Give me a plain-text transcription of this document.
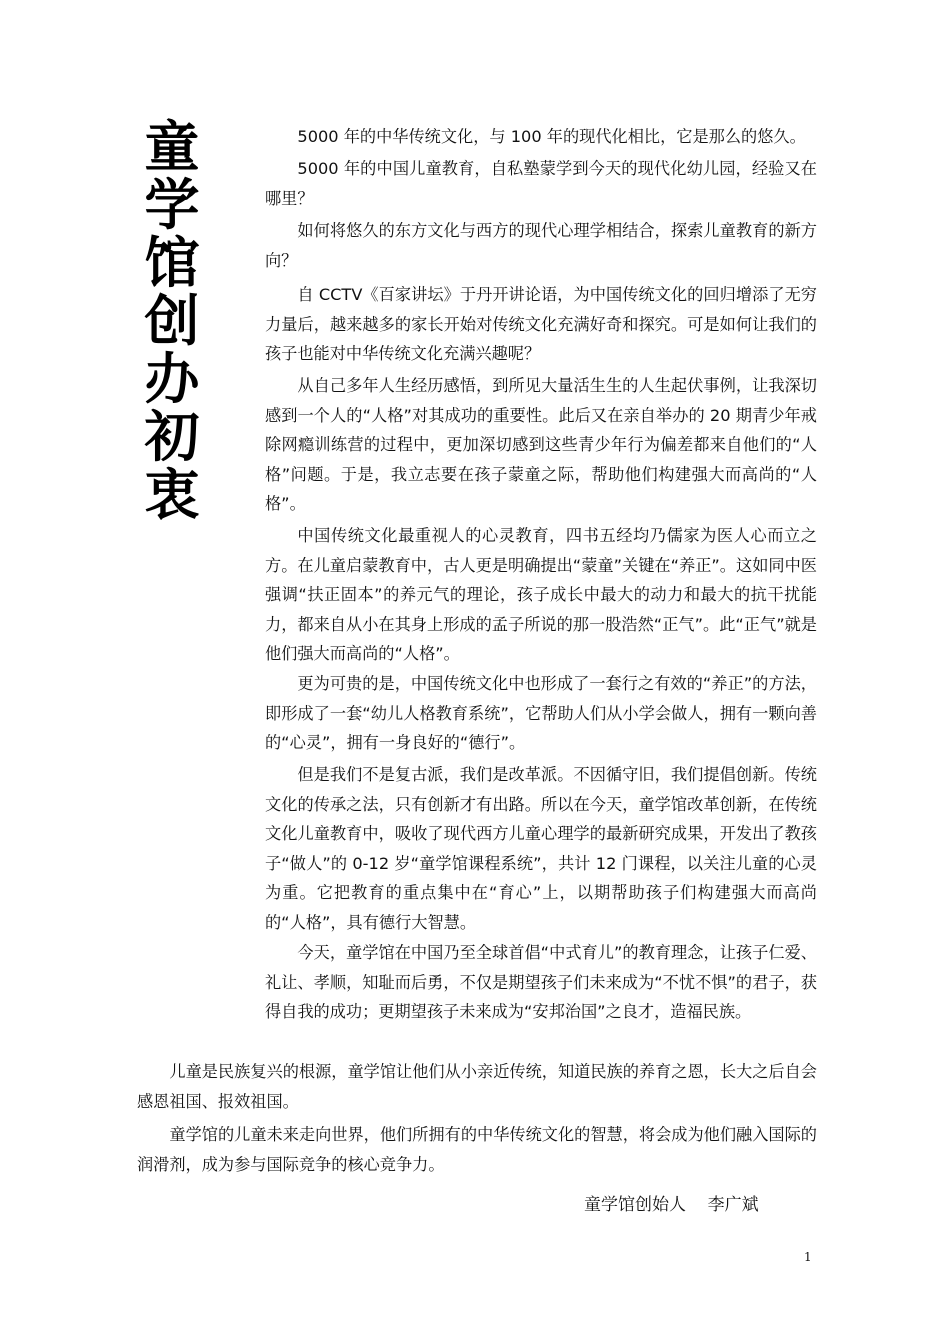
童
学
馆
创
办
初
衷

5000 年的中华传统文化，与 100 年的现代化相比，它是那么的悠久。

5000 年的中国儿童教育，自私塾蒙学到今天的现代化幼儿园，经验又在哪里？

如何将悠久的东方文化与西方的现代心理学相结合，探索儿童教育的新方向？

自 CCTV《百家讲坛》于丹开讲论语，为中国传统文化的回归增添了无穷力量后，越来越多的家长开始对传统文化充满好奇和探究。可是如何让我们的孩子也能对中华传统文化充满兴趣呢？

从自己多年人生经历感悟，到所见大量活生生的人生起伏事例，让我深切感到一个人的“人格”对其成功的重要性。此后又在亲自举办的 20 期青少年戒除网瘾训练营的过程中，更加深切感到这些青少年行为偏差都来自他们的“人格”问题。于是，我立志要在孩子蒙童之际，帮助他们构建强大而高尚的“人格”。

中国传统文化最重视人的心灵教育，四书五经均乃儒家为医人心而立之方。在儿童启蒙教育中，古人更是明确提出“蒙童”关键在“养正”。这如同中医强调“扶正固本”的养元气的理论，孩子成长中最大的动力和最大的抗干扰能力，都来自从小在其身上形成的孟子所说的那一股浩然“正气”。此“正气”就是他们强大而高尚的“人格”。

更为可贵的是，中国传统文化中也形成了一套行之有效的“养正”的方法，即形成了一套“幼儿人格教育系统”，它帮助人们从小学会做人，拥有一颗向善的“心灵”，拥有一身良好的“德行”。

但是我们不是复古派，我们是改革派。不因循守旧，我们提倡创新。传统文化的传承之法，只有创新才有出路。所以在今天，童学馆改革创新，在传统文化儿童教育中，吸收了现代西方儿童心理学的最新研究成果，开发出了教孩子“做人”的 0-12 岁“童学馆课程系统”，共计 12 门课程，以关注儿童的心灵为重。它把教育的重点集中在“育心”上，以期帮助孩子们构建强大而高尚的“人格”，具有德行大智慧。

今天，童学馆在中国乃至全球首倡“中式育儿”的教育理念，让孩子仁爱、礼让、孝顺，知耻而后勇，不仅是期望孩子们未来成为“不忧不惧”的君子，获得自我的成功；更期望孩子未来成为“安邦治国”之良才，造福民族。

儿童是民族复兴的根源，童学馆让他们从小亲近传统，知道民族的养育之恩，长大之后自会感恩祖国、报效祖国。

童学馆的儿童未来走向世界，他们所拥有的中华传统文化的智慧，将会成为他们融入国际的润滑剂，成为参与国际竞争的核心竞争力。

童学馆创始人    李广斌
1
